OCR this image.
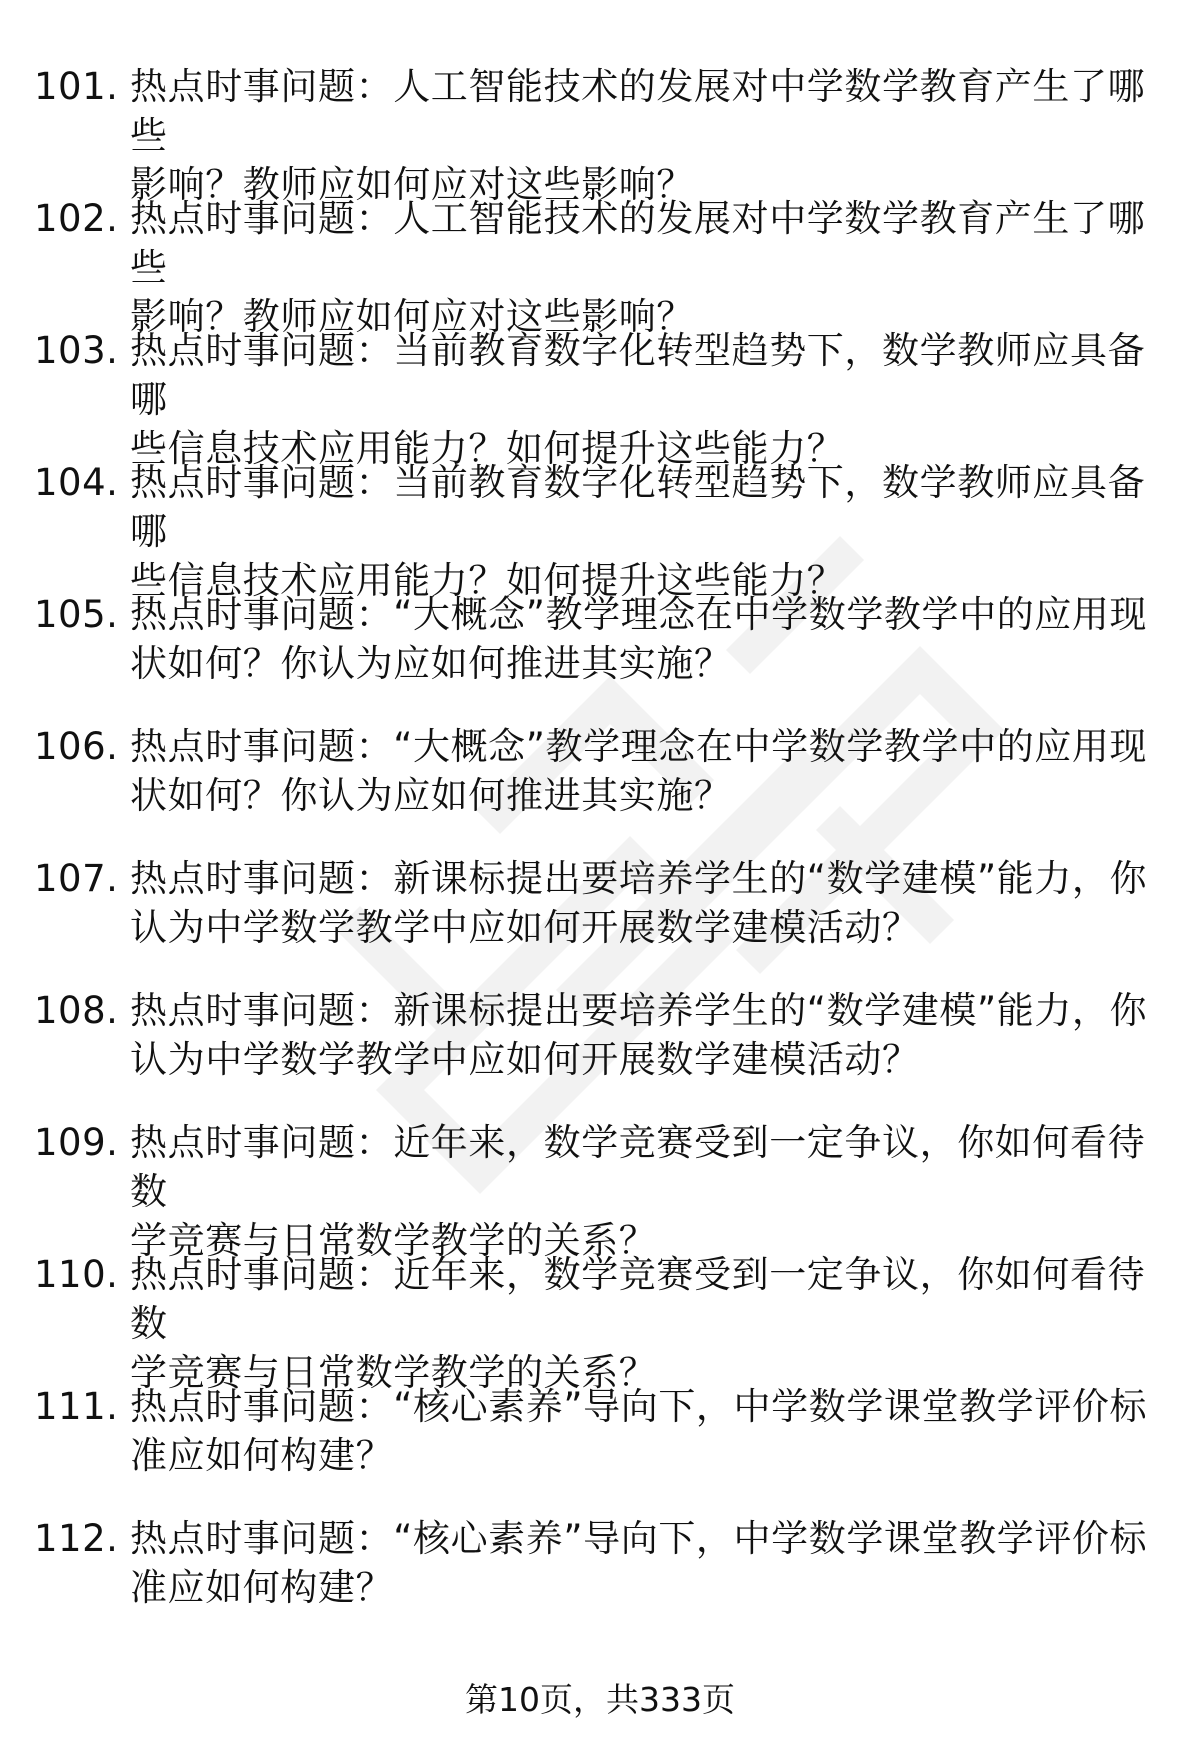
101. 热点时事问题：人工智能技术的发展对中学数学教育产生了哪些
影响？教师应如何应对这些影响？
102. 热点时事问题：人工智能技术的发展对中学数学教育产生了哪些
影响？教师应如何应对这些影响？
103. 热点时事问题：当前教育数字化转型趋势下，数学教师应具备哪
些信息技术应用能力？如何提升这些能力？
104. 热点时事问题：当前教育数字化转型趋势下，数学教师应具备哪
些信息技术应用能力？如何提升这些能力？
105. 热点时事问题：“大概念”教学理念在中学数学教学中的应用现
状如何？你认为应如何推进其实施？
106. 热点时事问题：“大概念”教学理念在中学数学教学中的应用现
状如何？你认为应如何推进其实施？
107. 热点时事问题：新课标提出要培养学生的“数学建模”能力，你
认为中学数学教学中应如何开展数学建模活动？
108. 热点时事问题：新课标提出要培养学生的“数学建模”能力，你
认为中学数学教学中应如何开展数学建模活动？
109. 热点时事问题：近年来，数学竞赛受到一定争议，你如何看待数
学竞赛与日常数学教学的关系？
110. 热点时事问题：近年来，数学竞赛受到一定争议，你如何看待数
学竞赛与日常数学教学的关系？
111. 热点时事问题：“核心素养”导向下，中学数学课堂教学评价标
准应如何构建？
112. 热点时事问题：“核心素养”导向下，中学数学课堂教学评价标
准应如何构建？
第10页，共333页
